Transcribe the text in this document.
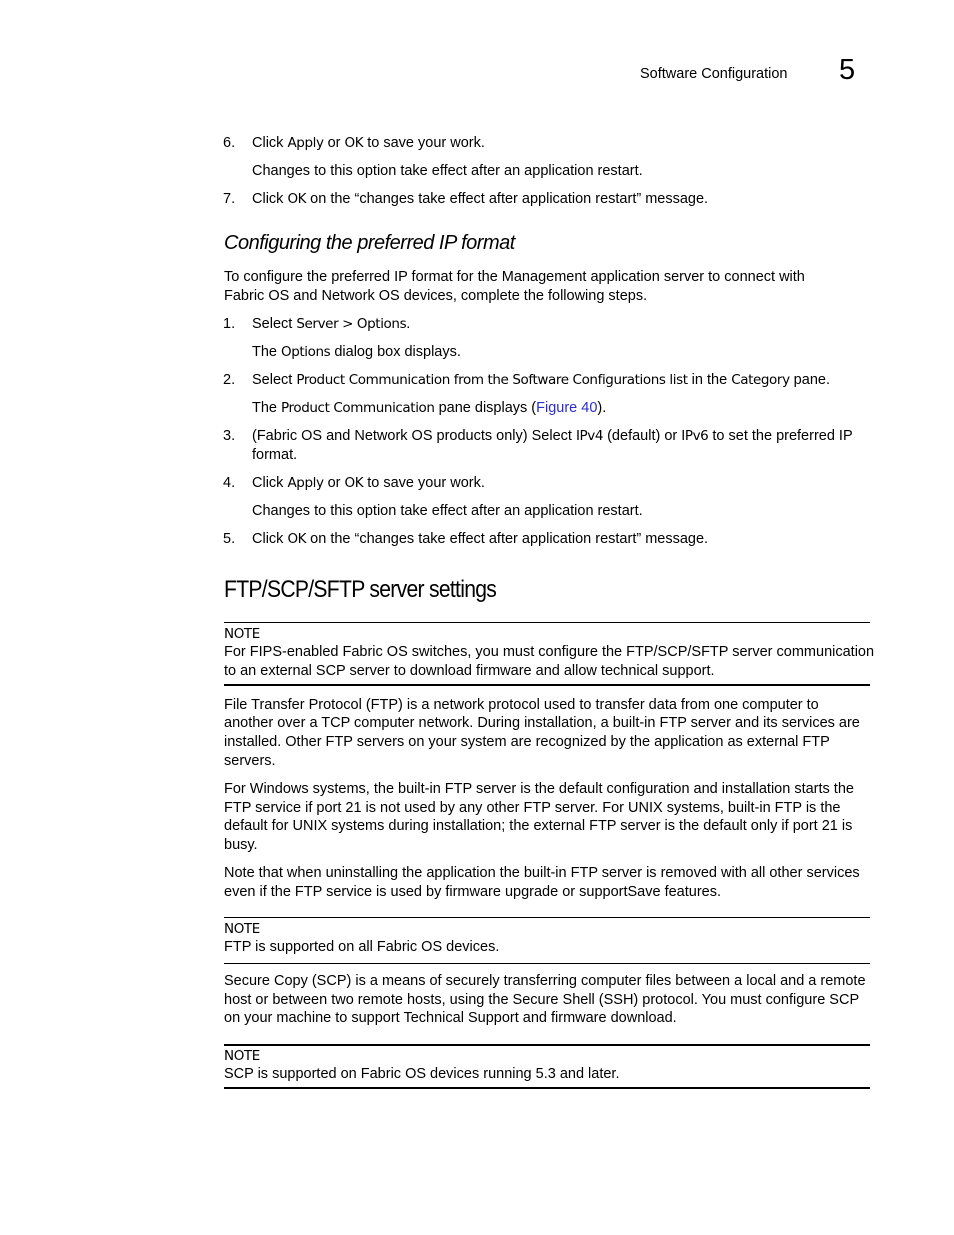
Software Configuration 5
6. Click Apply or OK to save your work.
Changes to this option take effect after an application restart.
7. Click OK on the “changes take effect after application restart” message.
Configuring the preferred IP format
To configure the preferred IP format for the Management application server to connect with
Fabric OS and Network OS devices, complete the following steps.
1. Select Server > Options.
The Options dialog box displays.
2. Select Product Communication from the Software Configurations list in the Category pane.
The Product Communication pane displays (Figure 40).
3. (Fabric OS and Network OS products only) Select IPv4 (default) or IPv6 to set the preferred IP
format.
4. Click Apply or OK to save your work.
Changes to this option take effect after an application restart.
5. Click OK on the “changes take effect after application restart” message.
FTP/SCP/SFTP server settings
NOTE
For FIPS-enabled Fabric OS switches, you must configure the FTP/SCP/SFTP server communication
to an external SCP server to download firmware and allow technical support.
File Transfer Protocol (FTP) is a network protocol used to transfer data from one computer to
another over a TCP computer network. During installation, a built-in FTP server and its services are
installed. Other FTP servers on your system are recognized by the application as external FTP
servers.
For Windows systems, the built-in FTP server is the default configuration and installation starts the
FTP service if port 21 is not used by any other FTP server. For UNIX systems, built-in FTP is the
default for UNIX systems during installation; the external FTP server is the default only if port 21 is
busy.
Note that when uninstalling the application the built-in FTP server is removed with all other services
even if the FTP service is used by firmware upgrade or supportSave features.
NOTE
FTP is supported on all Fabric OS devices.
Secure Copy (SCP) is a means of securely transferring computer files between a local and a remote
host or between two remote hosts, using the Secure Shell (SSH) protocol. You must configure SCP
on your machine to support Technical Support and firmware download.
NOTE
SCP is supported on Fabric OS devices running 5.3 and later.
